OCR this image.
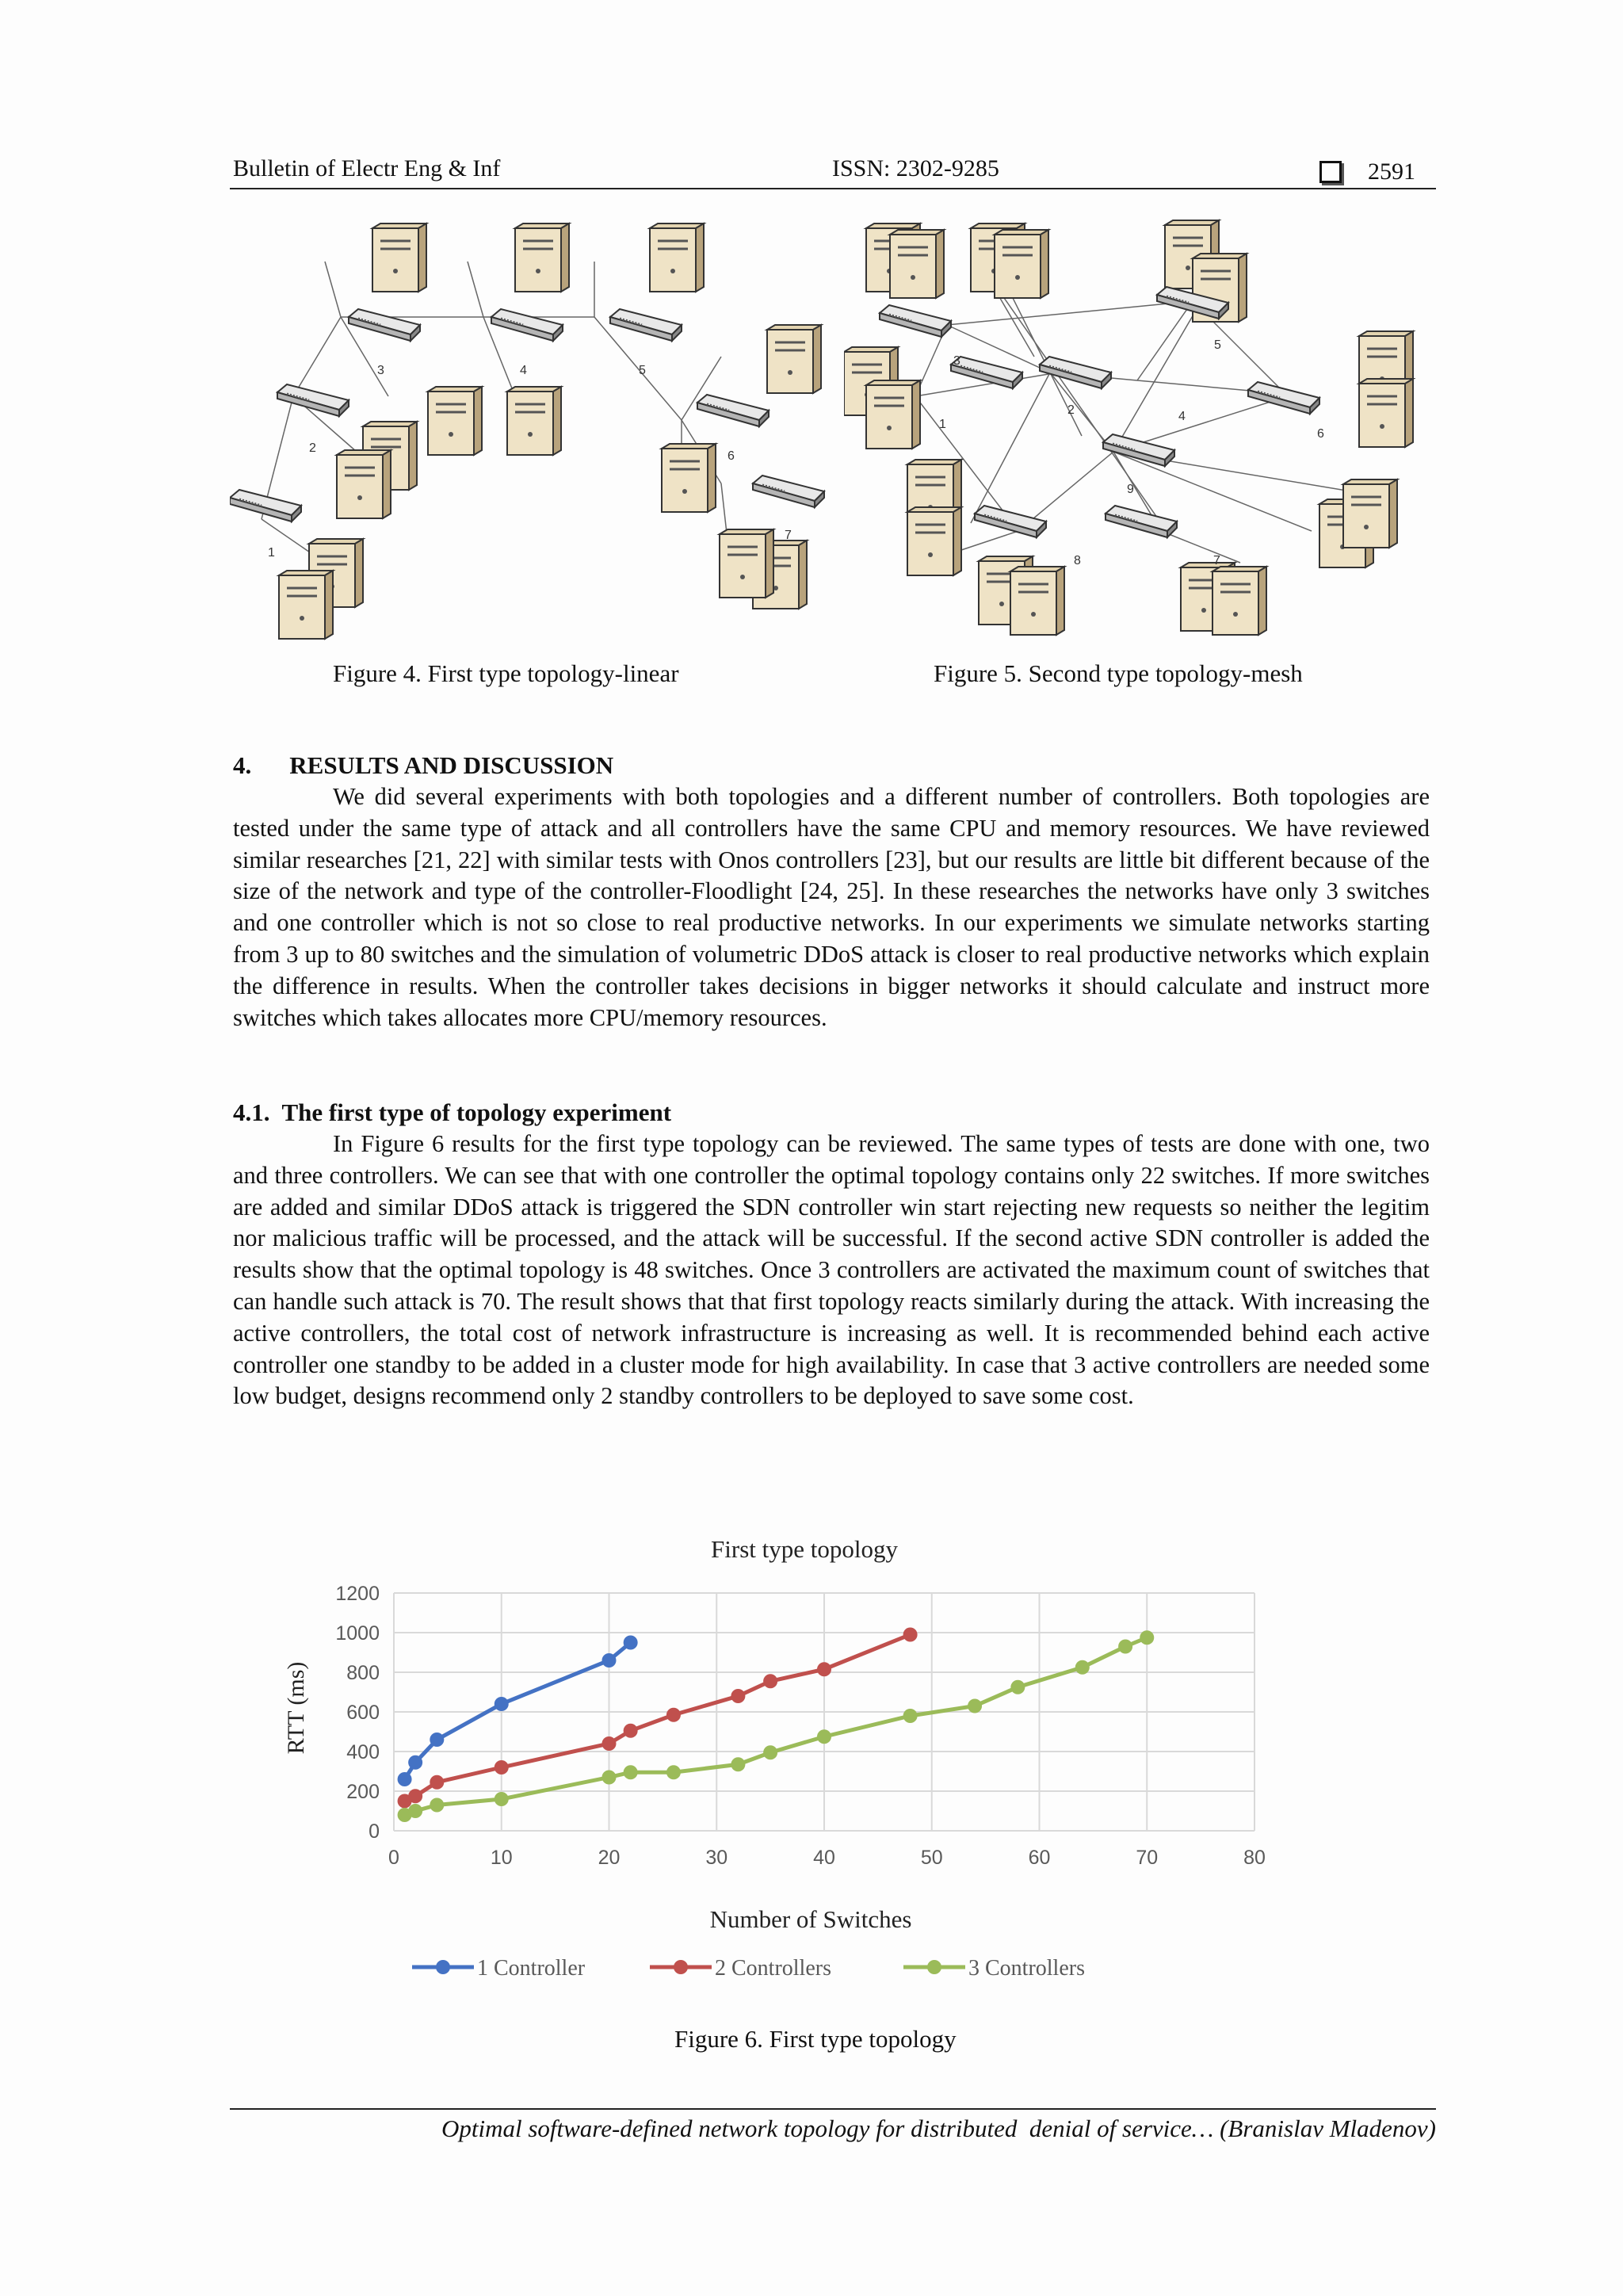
Bulletin of Electr Eng & Inf	ISSN: 2302-9285	2591
1
2
3	4	5
6
7
1
2
3
4
5
6
7
8
9
Figure 4. First type topology-linear	Figure 5. Second type topology-mesh
4. RESULTS AND DISCUSSION

We did several experiments with both topologies and a different number of controllers. Both topologies are tested under the same type of attack and all controllers have the same CPU and memory resources. We have reviewed similar researches [21, 22] with similar tests with Onos controllers [23], but our results are little bit different because of the size of the network and type of the controller-Floodlight [24, 25]. In these researches the networks have only 3 switches and one controller which is not so close to real productive networks. In our experiments we simulate networks starting from 3 up to 80 switches and the simulation of volumetric DDoS attack is closer to real productive networks which explain the difference in results. When the controller takes decisions in bigger networks it should calculate and instruct more switches which takes allocates more CPU/memory resources.

4.1.  The first type of topology experiment

In Figure 6 results for the first type topology can be reviewed. The same types of tests are done with one, two and three controllers. We can see that with one controller the optimal topology contains only 22 switches. If more switches are added and similar DDoS attack is triggered the SDN controller win start rejecting new requests so neither the legitim nor malicious traffic will be processed, and the attack will be successful. If the second active SDN controller is added the results show that the optimal topology is 48 switches. Once 3 controllers are activated the maximum count of switches that can handle such attack is 70. The result shows that that first topology reacts similarly during the attack. With increasing the active controllers, the total cost of network infrastructure is increasing as well. It is recommended behind each active controller one standby to be added in a cluster mode for high availability. In case that 3 active controllers are needed some low budget, designs recommend only 2 standby controllers to be deployed to save some cost.

First type topology
0
200
400
600
800
1000
1200
0	10	20	30	40	50	60	70	80
RTT (ms)
Number of Switches
1 Controller	2 Controllers	3 Controllers
Figure 6. First type topology
Optimal software-defined network topology for distributed  denial of service… (Branislav Mladenov)
